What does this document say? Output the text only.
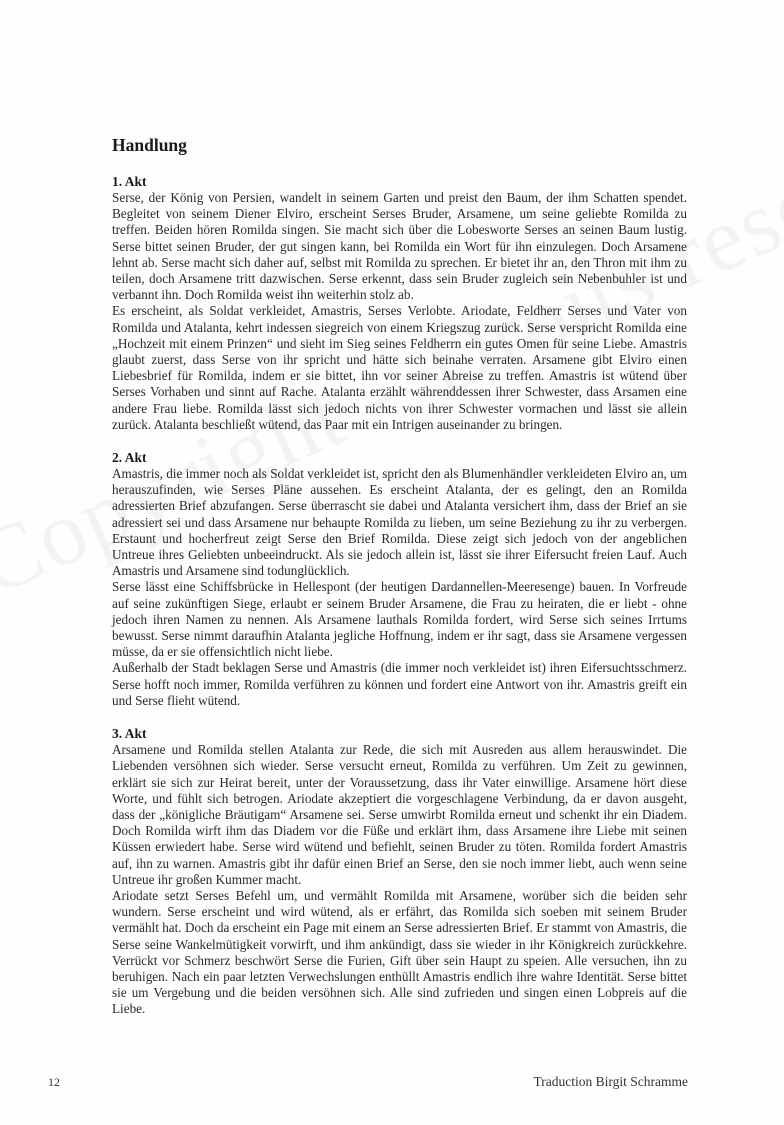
Handlung
1. Akt

Serse, der König von Persien, wandelt in seinem Garten und preist den Baum, der ihm Schatten spendet. Begleitet von seinem Diener Elviro, erscheint Serses Bruder, Arsamene, um seine geliebte Romilda zu treffen. Beiden hören Romilda singen. Sie macht sich über die Lobesworte Serses an seinen Baum lustig. Serse bittet seinen Bruder, der gut singen kann, bei Romilda ein Wort für ihn einzulegen. Doch Arsamene lehnt ab. Serse macht sich daher auf, selbst mit Romilda zu sprechen. Er bietet ihr an, den Thron mit ihm zu teilen, doch Arsamene tritt dazwischen. Serse erkennt, dass sein Bruder zugleich sein Nebenbuhler ist und verbannt ihn. Doch Romilda weist ihn weiterhin stolz ab.

Es erscheint, als Soldat verkleidet, Amastris, Serses Verlobte. Ariodate, Feldherr Serses und Vater von Romilda und Atalanta, kehrt indessen siegreich von einem Kriegszug zurück. Serse verspricht Romilda eine „Hochzeit mit einem Prinzen“ und sieht im Sieg seines Feldherrn ein gutes Omen für seine Liebe. Amastris glaubt zuerst, dass Serse von ihr spricht und hätte sich beinahe verraten. Arsamene gibt Elviro einen Liebesbrief für Romilda, indem er sie bittet, ihn vor seiner Abreise zu treffen. Amastris ist wütend über Serses Vorhaben und sinnt auf Rache. Atalanta erzählt währenddessen ihrer Schwester, dass Arsamen eine andere Frau liebe. Romilda lässt sich jedoch nichts von ihrer Schwester vormachen und lässt sie allein zurück. Atalanta beschließt wütend, das Paar mit ein Intrigen auseinander zu bringen.

2. Akt

Amastris, die immer noch als Soldat verkleidet ist, spricht den als Blumenhändler verkleideten Elviro an, um herauszufinden, wie Serses Pläne aussehen. Es erscheint Atalanta, der es gelingt, den an Romilda adressierten Brief abzufangen. Serse überrascht sie dabei und Atalanta versichert ihm, dass der Brief an sie adressiert sei und dass Arsamene nur behaupte Romilda zu lieben, um seine Beziehung zu ihr zu verbergen. Erstaunt und hocherfreut zeigt Serse den Brief Romilda. Diese zeigt sich jedoch von der angeblichen Untreue ihres Geliebten unbeeindruckt. Als sie jedoch allein ist, lässt sie ihrer Eifersucht freien Lauf. Auch Amastris und Arsamene sind todunglücklich.

Serse lässt eine Schiffsbrücke in Hellespont (der heutigen Dardannellen-Meeresenge) bauen. In Vorfreude auf seine zukünftigen Siege, erlaubt er seinem Bruder Arsamene, die Frau zu heiraten, die er liebt - ohne jedoch ihren Namen zu nennen. Als Arsamene lauthals Romilda fordert, wird Serse sich seines Irrtums bewusst. Serse nimmt daraufhin Atalanta jegliche Hoffnung, indem er ihr sagt, dass sie Arsamene vergessen müsse, da er sie offensichtlich nicht liebe.

Außerhalb der Stadt beklagen Serse und Amastris (die immer noch verkleidet ist) ihren Eifersuchtsschmerz. Serse hofft noch immer, Romilda verführen zu können und fordert eine Antwort von ihr. Amastris greift ein und Serse flieht wütend.

3. Akt

Arsamene und Romilda stellen Atalanta zur Rede, die sich mit Ausreden aus allem herauswindet. Die Liebenden versöhnen sich wieder. Serse versucht erneut, Romilda zu verführen. Um Zeit zu gewinnen, erklärt sie sich zur Heirat bereit, unter der Voraussetzung, dass ihr Vater einwillige. Arsamene hört diese Worte, und fühlt sich betrogen. Ariodate akzeptiert die vorgeschlagene Verbindung, da er davon ausgeht, dass der „königliche Bräutigam“ Arsamene sei. Serse umwirbt Romilda erneut und schenkt ihr ein Diadem. Doch Romilda wirft ihm das Diadem vor die Füße und erklärt ihm, dass Arsamene ihre Liebe mit seinen Küssen erwiedert habe. Serse wird wütend und befiehlt, seinen Bruder zu töten. Romilda fordert Amastris auf, ihn zu warnen. Amastris gibt ihr dafür einen Brief an Serse, den sie noch immer liebt, auch wenn seine Untreue ihr großen Kummer macht.

Ariodate setzt Serses Befehl um, und vermählt Romilda mit Arsamene, worüber sich die beiden sehr wundern. Serse erscheint und wird wütend, als er erfährt, das Romilda sich soeben mit seinem Bruder vermählt hat. Doch da erscheint ein Page mit einem an Serse adressierten Brief. Er stammt von Amastris, die Serse seine Wankelmütigkeit vorwirft, und ihm ankündigt, dass sie wieder in ihr Königkreich zurückkehre. Verrückt vor Schmerz beschwört Serse die Furien, Gift über sein Haupt zu speien. Alle versuchen, ihn zu beruhigen. Nach ein paar letzten Verwechslungen enthüllt Amastris endlich ihre wahre Identität. Serse bittet sie um Vergebung und die beiden versöhnen sich. Alle sind zufrieden und singen einen Lobpreis auf die Liebe.

12	Traduction Birgit Schramme
